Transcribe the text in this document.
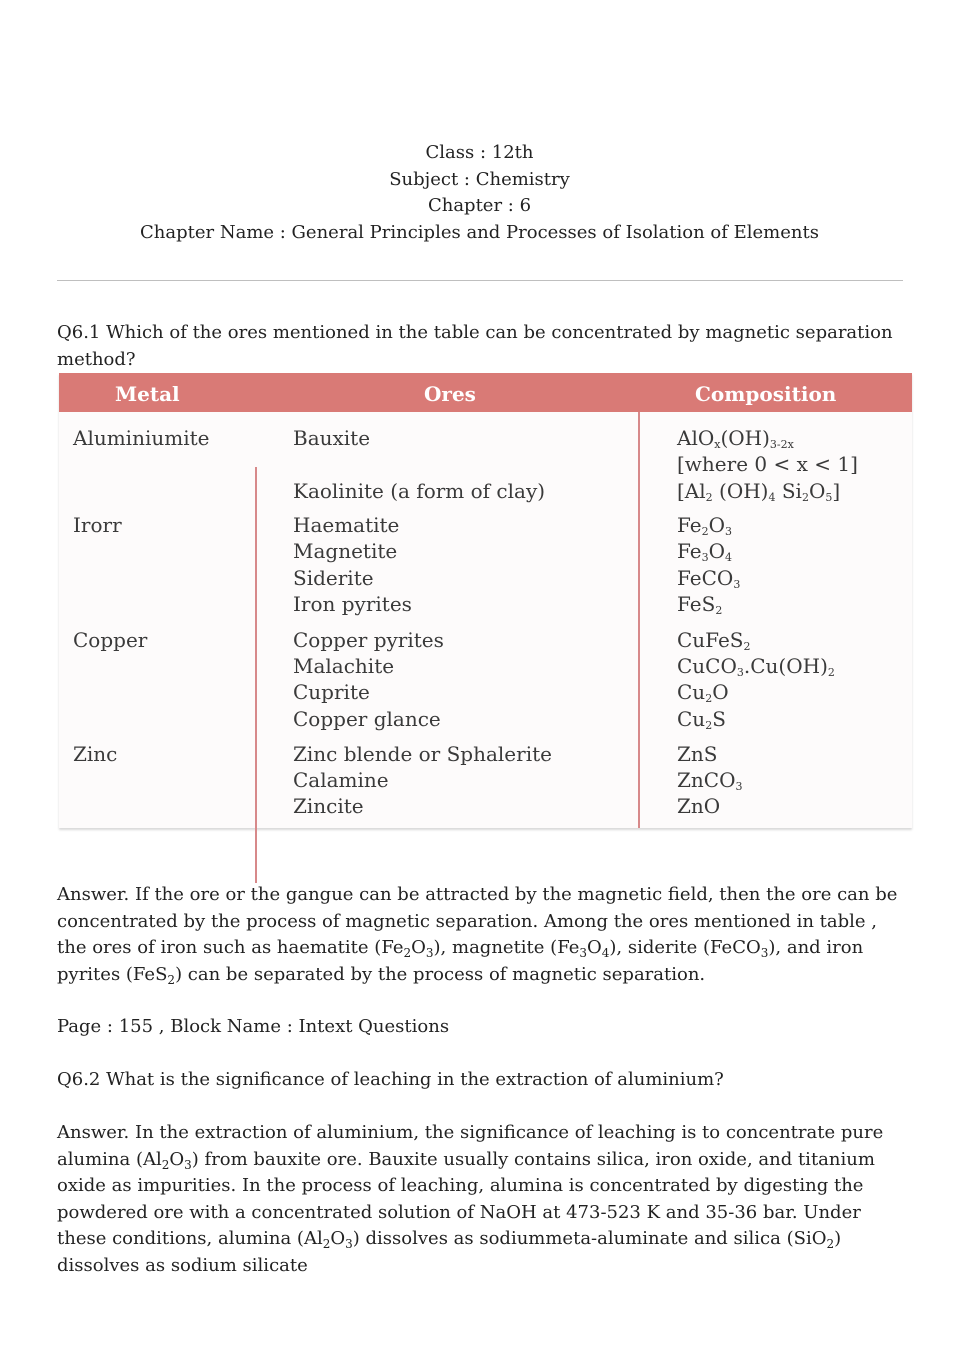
Class : 12th
Subject : Chemistry
Chapter : 6
Chapter Name : General Principles and Processes of Isolation of Elements
Q6.1 Which of the ores mentioned in the table can be concentrated by magnetic separation method?
Metal	Ores	Composition
Aluminiumite
Irorr
Copper
Zinc
Bauxite
Kaolinite (a form of clay)
Haematite
Magnetite
Siderite
Iron pyrites
Copper pyrites
Malachite
Cuprite
Copper glance
Zinc blende or Sphalerite
Calamine
Zincite
$AlO_x(OH)_{3-2x}$
[where 0 < x < 1]
[$Al_2$ $(OH)_4$ $Si_2O_5$]
$Fe_2O_3$
$Fe_3O_4$
FeCO$_3$
FeS$_2$
CuFeS$_2$
$CuCO_3.Cu(OH)_2$
$Cu_2O$
$Cu_2S$
ZnS
ZnCO$_3$
ZnO
Answer. If the ore or the gangue can be attracted by the magnetic field, then the ore can be concentrated by the process of magnetic separation. Among the ores mentioned in table , the ores of iron such as haematite $(Fe_2O_3)$, magnetite $(Fe_3O_4)$, siderite (FeCO$_3$), and iron pyrites (FeS$_2$) can be separated by the process of magnetic separation.
Page : 155 , Block Name : Intext Questions
Q6.2 What is the significance of leaching in the extraction of aluminium?
Answer. In the extraction of aluminium, the significance of leaching is to concentrate pure alumina $(Al_2O_3)$ from bauxite ore. Bauxite usually contains silica, iron oxide, and titanium oxide as impurities. In the process of leaching, alumina is concentrated by digesting the powdered ore with a concentrated solution of NaOH at 473-523 K and 35-36 bar. Under these conditions, alumina $(Al_2O_3)$ dissolves as sodiummeta-aluminate and silica (SiO$_2$) dissolves as sodium silicate
